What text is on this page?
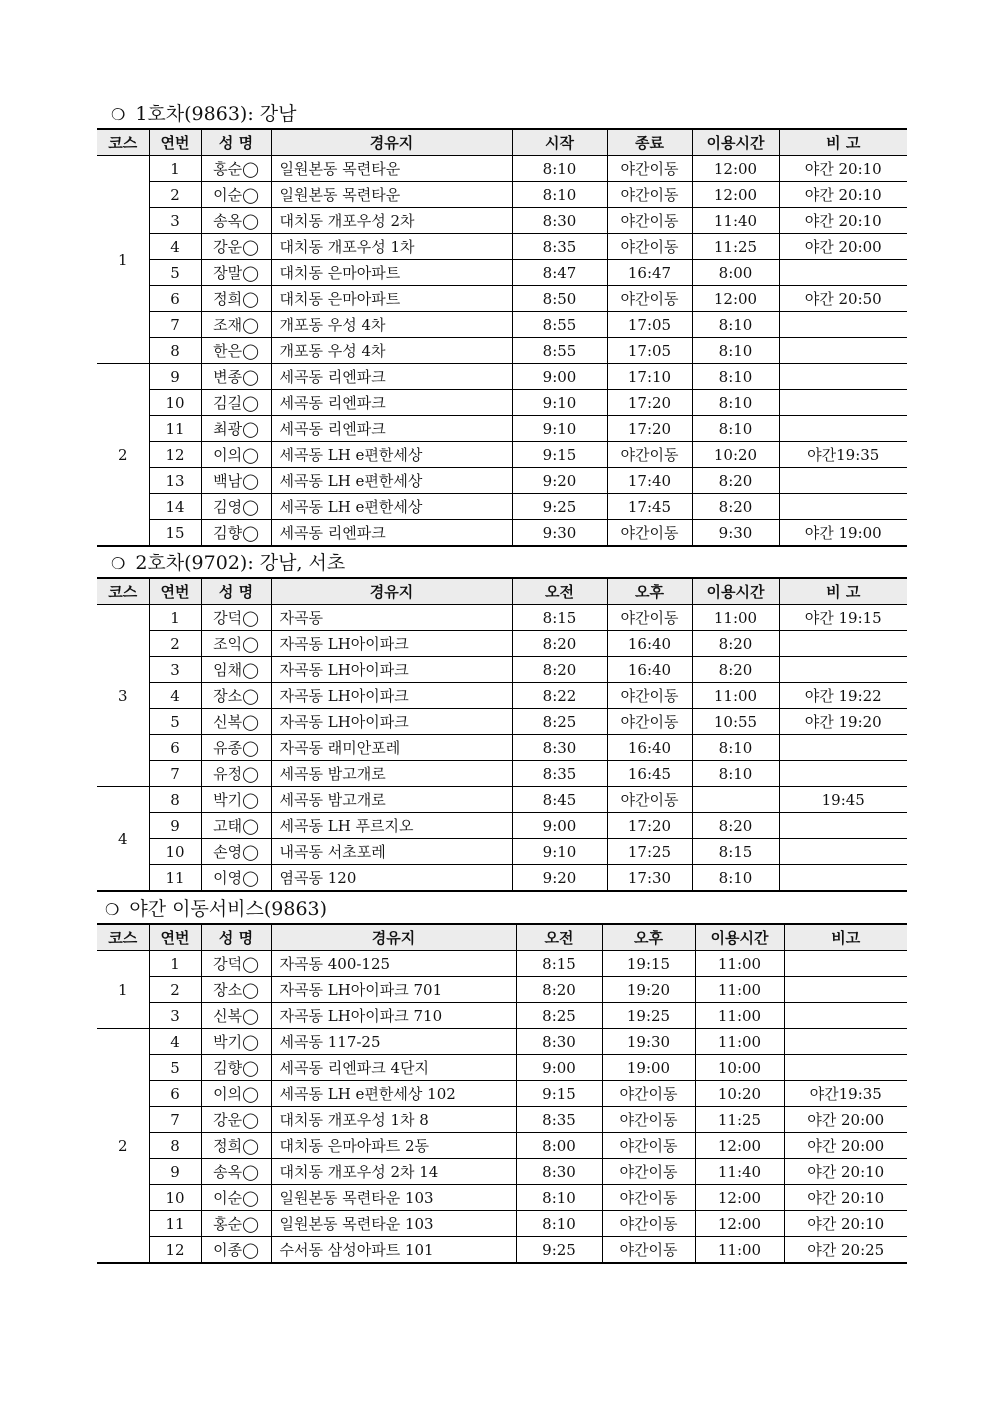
❍ 1호차(9863): 강남
코스	연번	성 명	경유지	시작	종료	이용시간	비 고
1	1	홍순◯	일원본동 목련타운	8:10	야간이동	12:00	야간 20:10
	2	이순◯	일원본동 목련타운	8:10	야간이동	12:00	야간 20:10
	3	송옥◯	대치동 개포우성 2차	8:30	야간이동	11:40	야간 20:10
	4	강운◯	대치동 개포우성 1차	8:35	야간이동	11:25	야간 20:00
	5	장말◯	대치동 은마아파트	8:47	16:47	8:00	
	6	정희◯	대치동 은마아파트	8:50	야간이동	12:00	야간 20:50
	7	조재◯	개포동 우성 4차	8:55	17:05	8:10	
	8	한은◯	개포동 우성 4차	8:55	17:05	8:10	
2	9	변종◯	세곡동 리엔파크	9:00	17:10	8:10	
	10	김길◯	세곡동 리엔파크	9:10	17:20	8:10	
	11	최광◯	세곡동 리엔파크	9:10	17:20	8:10	
	12	이의◯	세곡동 LH e편한세상	9:15	야간이동	10:20	야간19:35
	13	백남◯	세곡동 LH e편한세상	9:20	17:40	8:20	
	14	김영◯	세곡동 LH e편한세상	9:25	17:45	8:20	
	15	김향◯	세곡동 리엔파크	9:30	야간이동	9:30	야간 19:00
❍ 2호차(9702): 강남, 서초
코스	연번	성 명	경유지	오전	오후	이용시간	비 고
3	1	강덕◯	자곡동	8:15	야간이동	11:00	야간 19:15
	2	조익◯	자곡동 LH아이파크	8:20	16:40	8:20	
	3	임채◯	자곡동 LH아이파크	8:20	16:40	8:20	
	4	장소◯	자곡동 LH아이파크	8:22	야간이동	11:00	야간 19:22
	5	신복◯	자곡동 LH아이파크	8:25	야간이동	10:55	야간 19:20
	6	유종◯	자곡동 래미안포레	8:30	16:40	8:10	
	7	유정◯	세곡동 밤고개로	8:35	16:45	8:10	
4	8	박기◯	세곡동 밤고개로	8:45	야간이동		19:45
	9	고태◯	세곡동 LH 푸르지오	9:00	17:20	8:20	
	10	손영◯	내곡동 서초포레	9:10	17:25	8:15	
	11	이영◯	염곡동 120	9:20	17:30	8:10	
❍ 야간 이동서비스(9863)
코스	연번	성 명	경유지	오전	오후	이용시간	비고
1	1	강덕◯	자곡동 400-125	8:15	19:15	11:00	
	2	장소◯	자곡동 LH아이파크 701	8:20	19:20	11:00	
	3	신복◯	자곡동 LH아이파크 710	8:25	19:25	11:00	
2	4	박기◯	세곡동 117-25	8:30	19:30	11:00	
	5	김향◯	세곡동 리엔파크 4단지	9:00	19:00	10:00	
	6	이의◯	세곡동 LH e편한세상 102	9:15	야간이동	10:20	야간19:35
	7	강운◯	대치동 개포우성 1차 8	8:35	야간이동	11:25	야간 20:00
	8	정희◯	대치동 은마아파트 2동	8:00	야간이동	12:00	야간 20:00
	9	송옥◯	대치동 개포우성 2차 14	8:30	야간이동	11:40	야간 20:10
	10	이순◯	일원본동 목련타운 103	8:10	야간이동	12:00	야간 20:10
	11	홍순◯	일원본동 목련타운 103	8:10	야간이동	12:00	야간 20:10
	12	이종◯	수서동 삼성아파트 101	9:25	야간이동	11:00	야간 20:25
